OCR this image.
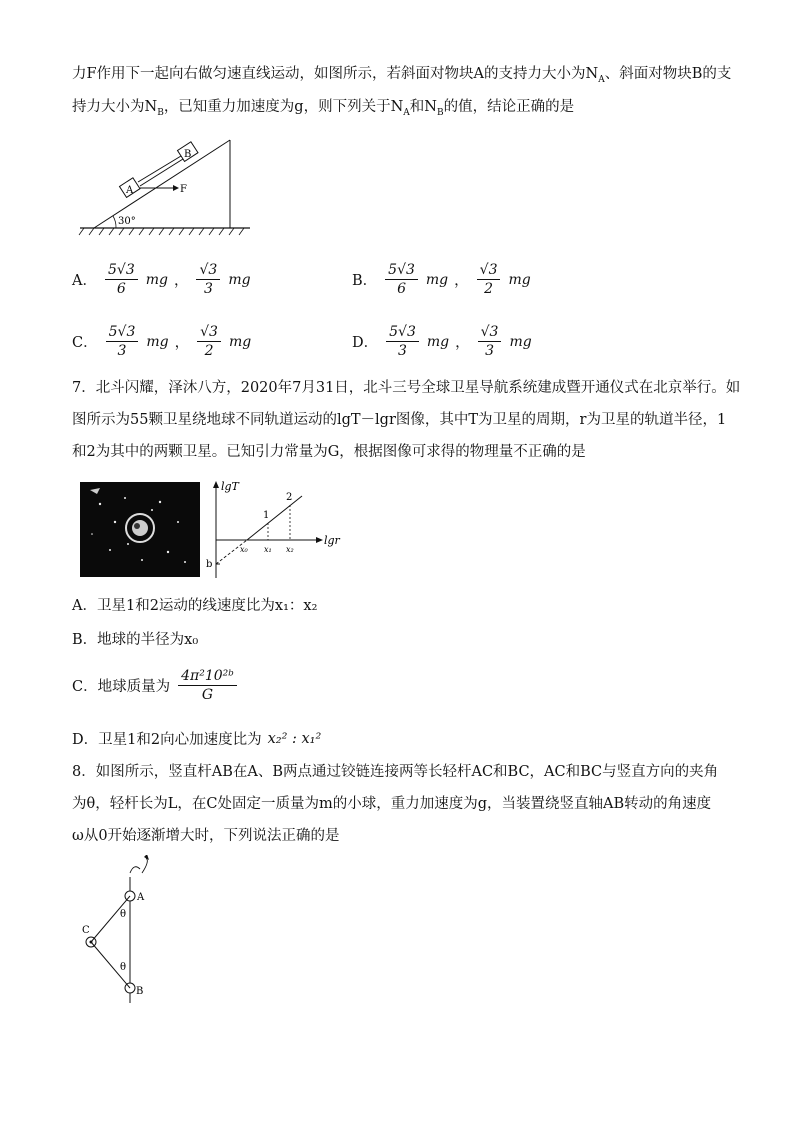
力F作用下一起向右做匀速直线运动，如图所示，若斜面对物块A的支持力大小为$N_A$、斜面对物块B的支
持力大小为$N_B$，已知重力加速度为g，则下列关于$N_A$和$N_B$的值，结论正确的是
30°
A
B
F
A． $\frac{5√3}{6}$ mg ， $\frac{√3}{3}$ mg	B． $\frac{5√3}{6}$ mg ， $\frac{√3}{2}$ mg
C． $\frac{5√3}{3}$ mg ， $\frac{√3}{2}$ mg	D． $\frac{5√3}{3}$ mg ， $\frac{√3}{3}$ mg
7．北斗闪耀，泽沐八方，2020年7月31日，北斗三号全球卫星导航系统建成暨开通仪式在北京举行。如
图所示为55颗卫星绕地球不同轨道运动的lgT－lgr图像，其中T为卫星的周期，r为卫星的轨道半径，1
和2为其中的两颗卫星。已知引力常量为G，根据图像可求得的物理量不正确的是
lgT
lgr
b
1
2
x₀ x₁ x₂
A．卫星1和2运动的线速度比为x₁：x₂
B．地球的半径为x₀
C．地球质量为 $\frac{\text{4π²10²ᵇ}}{G}$
D．卫星1和2向心加速度比为 x₂² : x₁²
8．如图所示，竖直杆AB在A、B两点通过铰链连接两等长轻杆AC和BC，AC和BC与竖直方向的夹角
为θ，轻杆长为L，在C处固定一质量为m的小球，重力加速度为g，当装置绕竖直轴AB转动的角速度
ω从0开始逐渐增大时，下列说法正确的是
A
B
C
θ
θ
